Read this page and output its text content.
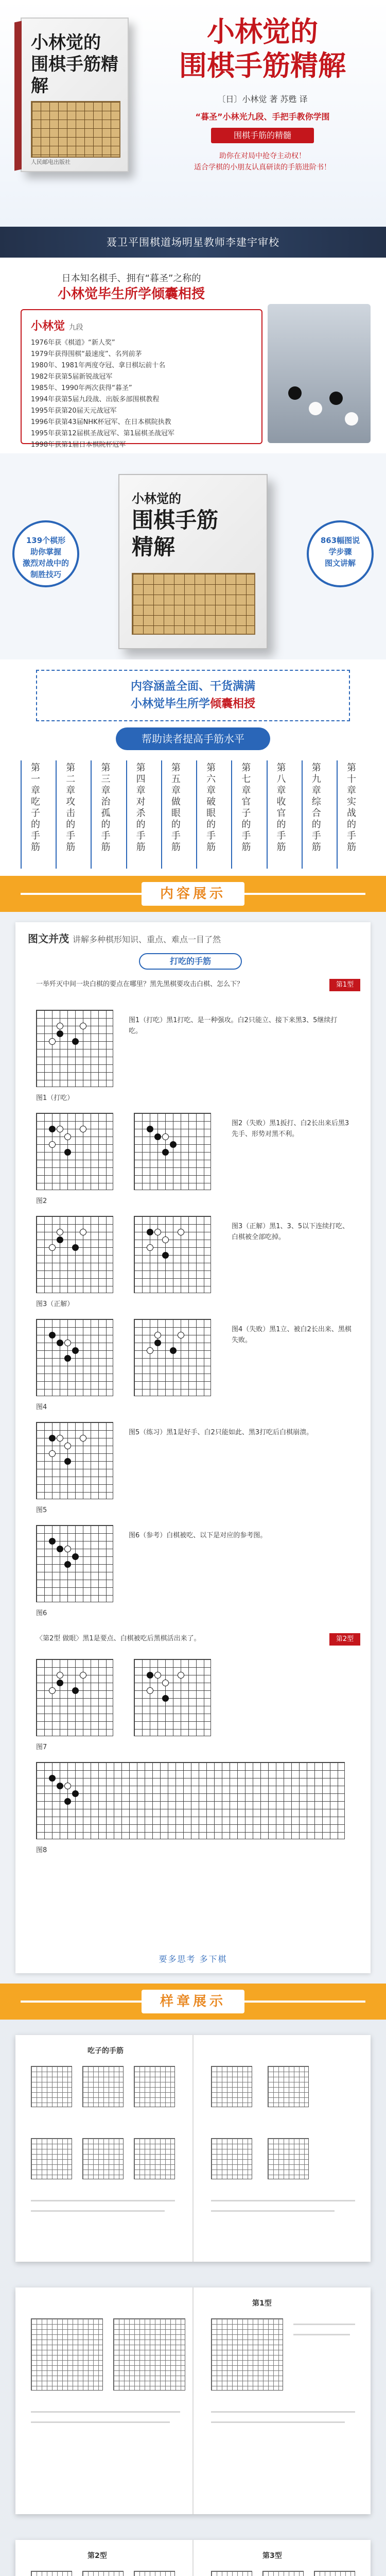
小林觉的
围棋手筋精解
人民邮电出版社
小林觉的
围棋手筋精解
〔日〕小林觉 著 苏甦 译
“暮圣”小林光九段、手把手教你学围
围棋手筋的精髓
助你在对局中抢夺主动权！
适合学棋的小朋友认真研读的手筋进阶书！
聂卫平围棋道场明星教师李建宇审校
日本知名棋手、拥有“暮圣”之称的
小林觉毕生所学倾囊相授
小林觉 九段
1976年获《棋道》“新人奖”
1979年获得围棋“最速度”、名列前茅
1980年、1981年两度夺冠、拿日棋坛前十名
1982年获第5届新锐战冠军
1985年、1990年两次获得“暮圣”
1994年获第5届九段战、出版多部围棋教程
1995年获第20届天元战冠军
1996年获第43届NHK杯冠军、在日本棋院执教
1995年获第12届棋圣战冠军、第1届棋圣战冠军
1998年获第1届日本棋院杯冠军
139个棋形
助你掌握
激烈对战中的
制胜技巧
小林觉的
围棋手筋
精解	863幅图说
学步骤
图文讲解

内容涵盖全面、干货满满

小林觉毕生所学倾囊相授

帮助读者提高手筋水平
第
一
章
吃
子
的
手
筋
第
二
章
攻
击
的
手
筋
第
三
章
治
孤
的
手
筋
第
四
章
对
杀
的
手
筋
第
五
章
做
眼
的
手
筋
第
六
章
破
眼
的
手
筋
第
七
章
官
子
的
手
筋
第
八
章
收
官
的
手
筋
第
九
章
综
合
的
手
筋
第
十
章
实
战
的
手
筋
内容展示
图文并茂 讲解多种棋形知识、重点、难点一目了然
打吃的手筋
第1型
一举歼灭中间一块白棋的要点在哪里？黑先黑棋要攻击白棋、怎么下？
图1（打吃）黑1打吃、是一种强攻。白2只能立、接下来黑3、5继续打吃。
图1（打吃）
图2（失败）黑1扳打、白2长出来后黑3先手、形势对黑不利。
图2
图3（正解）黑1、3、5以下连续打吃、白棋被全部吃掉。
图3（正解）
图4（失败）黑1立、被白2长出来、黑棋失败。
图4
图5（练习）黑1是好手、白2只能如此、黑3打吃后白棋崩溃。
图5
图6（参考）白棋被吃、以下是对应的参考图。
图6
第2型
〈第2型 做眼〉黑1是要点、白棋被吃后黑棋活出来了。
图7
图8
要多思考 多下棋
样章展示
吃子的手筋
第1型
第2型	第3型
